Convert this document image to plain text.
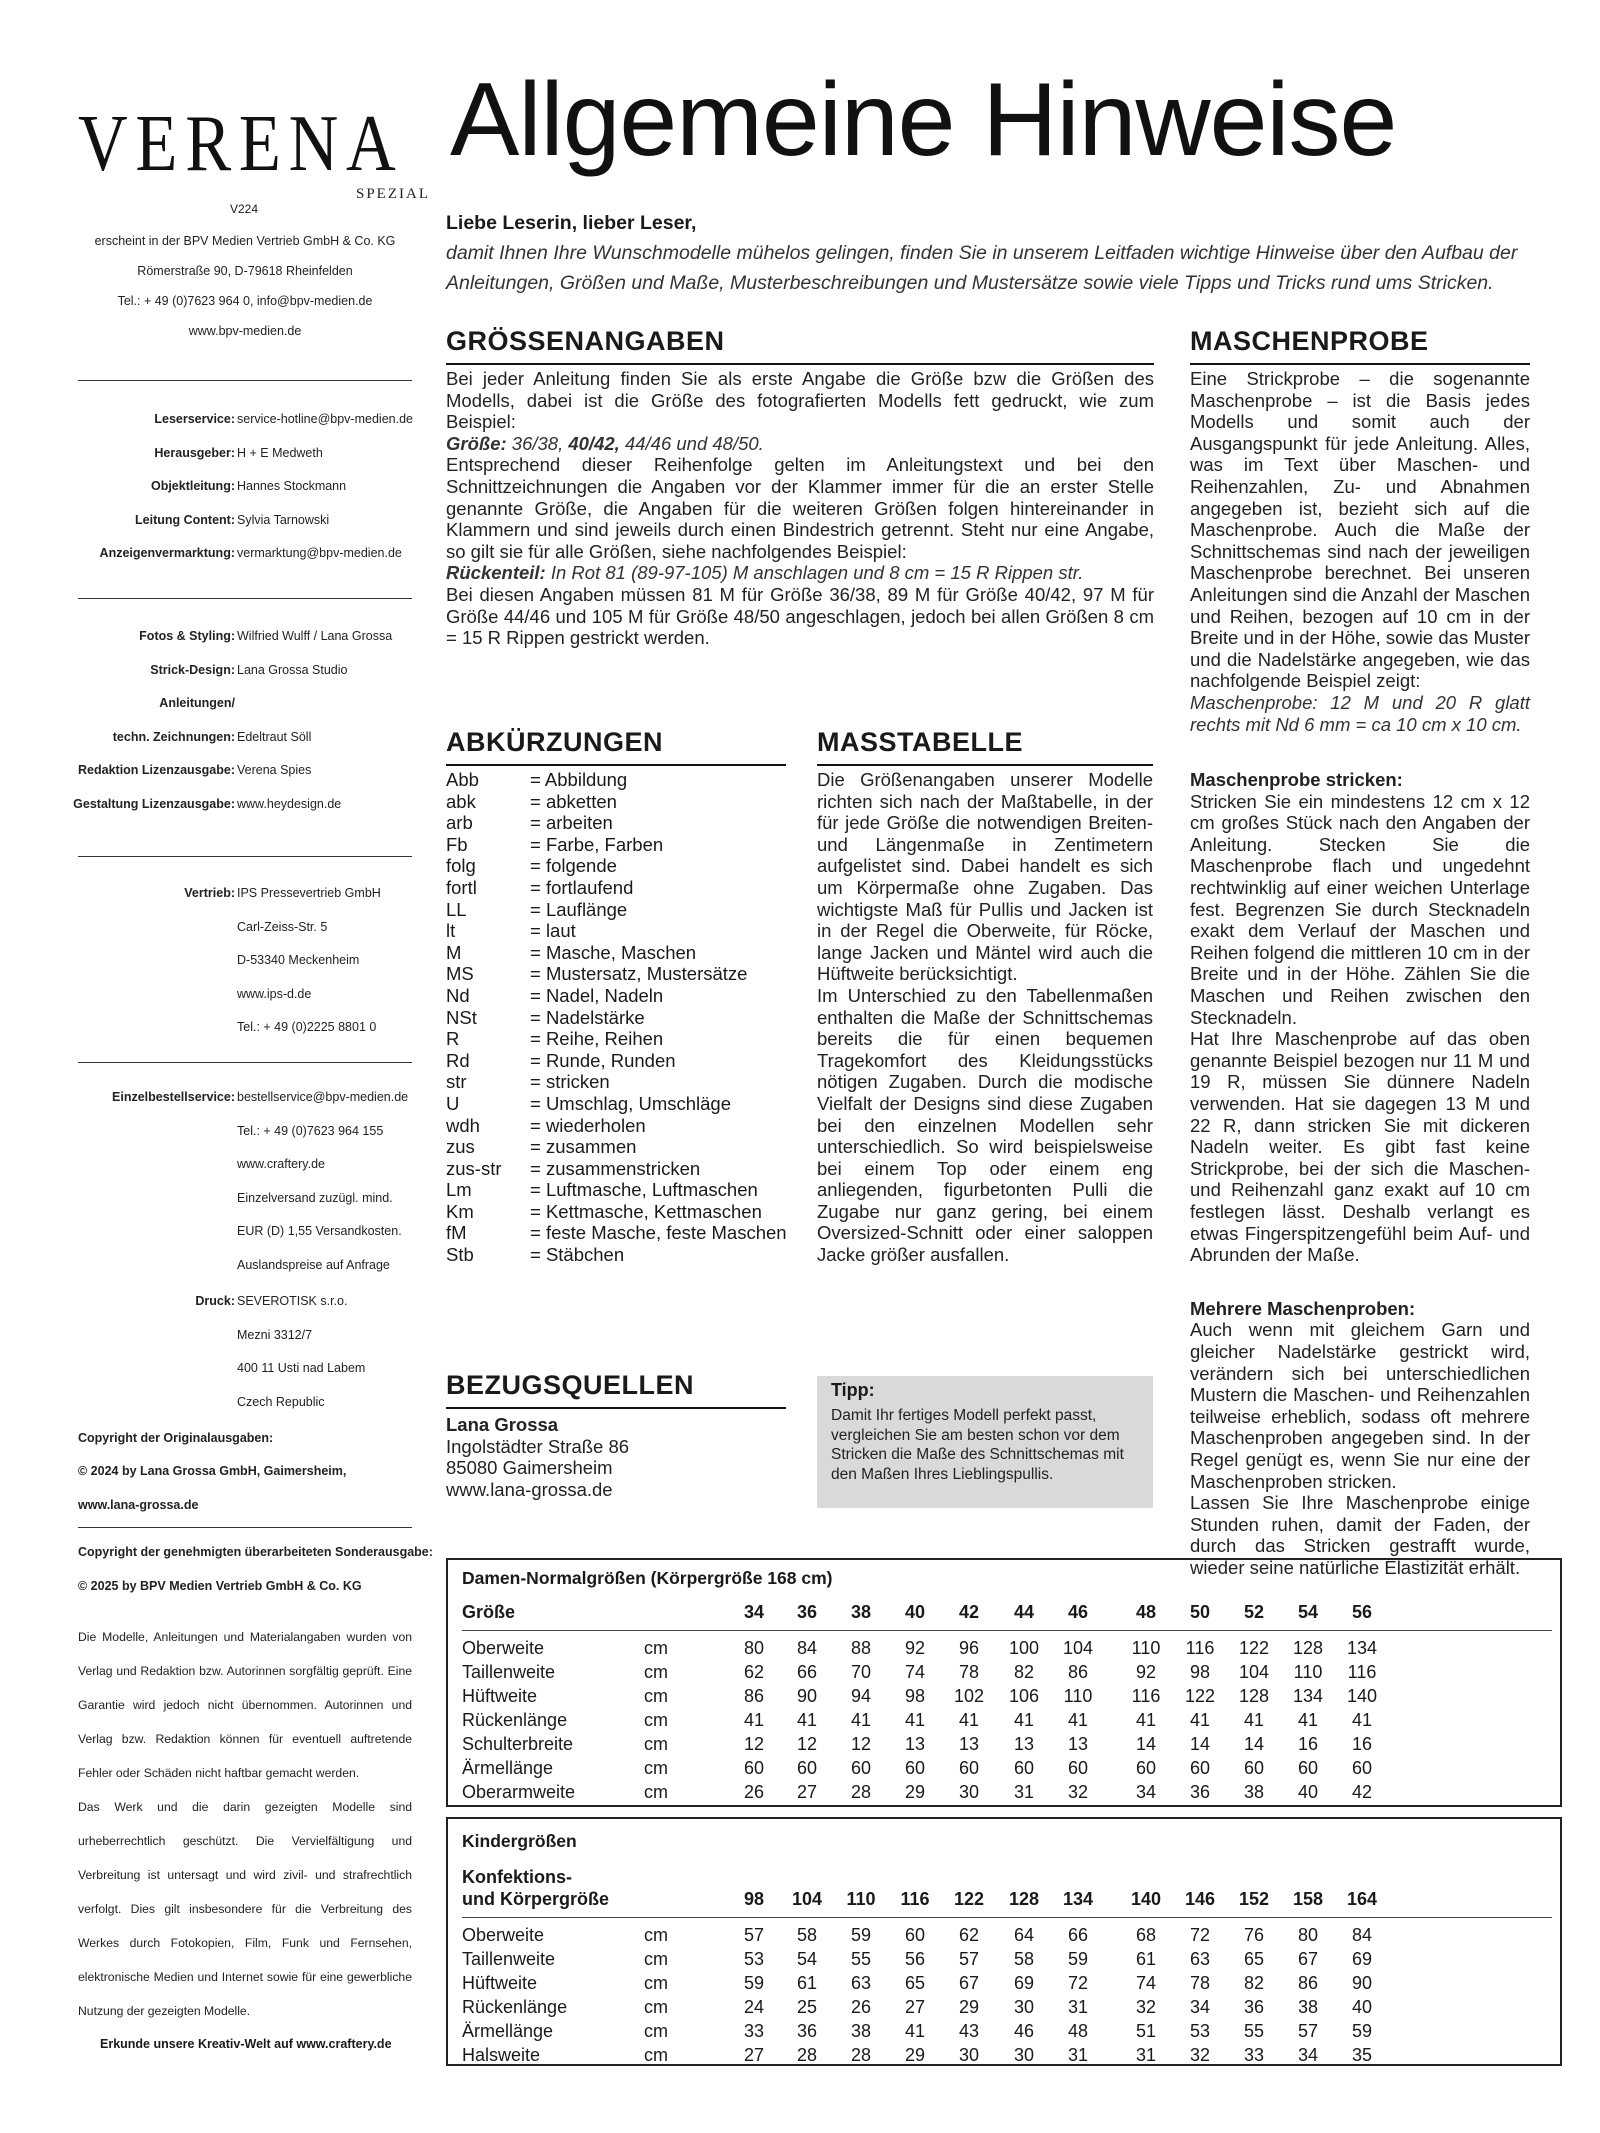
VERENA
SPEZIAL
V224
erscheint in der BPV Medien Vertrieb GmbH & Co. KG
Römerstraße 90, D-79618 Rheinfelden
Tel.: + 49 (0)7623 964 0, info@bpv-medien.de
www.bpv-medien.de
Leserservice: service-hotline@bpv-medien.de
Herausgeber: H + E Medweth
Objektleitung: Hannes Stockmann
Leitung Content: Sylvia Tarnowski
Anzeigenvermarktung: vermarktung@bpv-medien.de
Fotos & Styling: Wilfried Wulff / Lana Grossa
Strick-Design: Lana Grossa Studio
Anleitungen/
techn. Zeichnungen: Edeltraut Söll
Redaktion Lizenzausgabe: Verena Spies
Gestaltung Lizenzausgabe: www.heydesign.de
Vertrieb: IPS Pressevertrieb GmbH
Carl-Zeiss-Str. 5
D-53340 Meckenheim
www.ips-d.de
Tel.: + 49 (0)2225 8801 0
Einzelbestellservice: bestellservice@bpv-medien.de
Tel.: + 49 (0)7623 964 155
www.craftery.de
Einzelversand zuzügl. mind.
EUR (D) 1,55 Versandkosten.
Auslandspreise auf Anfrage
Druck: SEVEROTISK s.r.o.
Mezni 3312/7
400 11 Usti nad Labem
Czech Republic
Copyright der Originalausgaben:
© 2024 by Lana Grossa GmbH, Gaimersheim,
www.lana-grossa.de
Copyright der genehmigten überarbeiteten Sonderausgabe:
© 2025 by BPV Medien Vertrieb GmbH & Co. KG
Die Modelle, Anleitungen und Materialangaben wurden von Verlag und Redaktion bzw. Autorinnen sorgfältig geprüft. Eine Garantie wird jedoch nicht übernommen. Autorinnen und Verlag bzw. Redaktion können für eventuell auftretende Fehler oder Schäden nicht haftbar gemacht werden.
Das Werk und die darin gezeigten Modelle sind urheberrechtlich geschützt. Die Vervielfältigung und Verbreitung ist untersagt und wird zivil- und strafrechtlich verfolgt. Dies gilt insbesondere für die Verbreitung des Werkes durch Fotokopien, Film, Funk und Fernsehen, elektronische Medien und Internet sowie für eine gewerbliche Nutzung der gezeigten Modelle.
Erkunde unsere Kreativ-Welt auf www.craftery.de
Allgemeine Hinweise
Liebe Leserin, lieber Leser,
damit Ihnen Ihre Wunschmodelle mühelos gelingen, finden Sie in unserem Leitfaden wichtige Hinweise über den Aufbau der Anleitungen, Größen und Maße, Musterbeschreibungen und Mustersätze sowie viele Tipps und Tricks rund ums Stricken.
GRÖSSENANGABEN

Bei jeder Anleitung finden Sie als erste Angabe die Größe bzw die Größen des Modells, dabei ist die Größe des fotografierten Modells fett gedruckt, wie zum Beispiel:

Größe: 36/38, 40/42, 44/46 und 48/50.

Entsprechend dieser Reihenfolge gelten im Anleitungstext und bei den Schnittzeichnungen die Angaben vor der Klammer immer für die an erster Stelle genannte Größe, die Angaben für die weiteren Größen folgen hintereinander in Klammern und sind jeweils durch einen Bindestrich getrennt. Steht nur eine Angabe, so gilt sie für alle Größen, siehe nachfolgendes Beispiel:

Rückenteil: In Rot 81 (89-97-105) M anschlagen und 8 cm = 15 R Rippen str.

Bei diesen Angaben müssen 81 M für Größe 36/38, 89 M für Größe 40/42, 97 M für Größe 44/46 und 105 M für Größe 48/50 angeschlagen, jedoch bei allen Größen 8 cm = 15 R Rippen gestrickt werden.

MASCHENPROBE

Eine Strickprobe – die sogenannte Maschenprobe – ist die Basis jedes Modells und somit auch der Ausgangspunkt für jede Anleitung. Alles, was im Text über Maschen- und Reihenzahlen, Zu- und Abnahmen angegeben ist, bezieht sich auf die Maschenprobe. Auch die Maße der Schnittschemas sind nach der jeweiligen Maschenprobe berechnet. Bei unseren Anleitungen sind die Anzahl der Maschen und Reihen, bezogen auf 10 cm in der Breite und in der Höhe, sowie das Muster und die Nadelstärke angegeben, wie das nachfolgende Beispiel zeigt:

Maschenprobe: 12 M und 20 R glatt rechts mit Nd 6 mm = ca 10 cm x 10 cm.

Maschenprobe stricken:

Stricken Sie ein mindestens 12 cm x 12 cm großes Stück nach den Angaben der Anleitung. Stecken Sie die Maschenprobe flach und ungedehnt rechtwinklig auf einer weichen Unterlage fest. Begrenzen Sie durch Stecknadeln exakt dem Verlauf der Maschen und Reihen folgend die mittleren 10 cm in der Breite und in der Höhe. Zählen Sie die Maschen und Reihen zwischen den Stecknadeln.

Hat Ihre Maschenprobe auf das oben genannte Beispiel bezogen nur 11 M und 19 R, müssen Sie dünnere Nadeln verwenden. Hat sie dagegen 13 M und 22 R, dann stricken Sie mit dickeren Nadeln weiter. Es gibt fast keine Strickprobe, bei der sich die Maschen- und Reihenzahl ganz exakt auf 10 cm festlegen lässt. Deshalb verlangt es etwas Fingerspitzengefühl beim Auf- und Abrunden der Maße.

Mehrere Maschenproben:

Auch wenn mit gleichem Garn und gleicher Nadelstärke gestrickt wird, verändern sich bei unterschiedlichen Mustern die Maschen- und Reihenzahlen teilweise erheblich, sodass oft mehrere Maschenproben angegeben sind. In der Regel genügt es, wenn Sie nur eine der Maschenproben stricken.

Lassen Sie Ihre Maschenprobe einige Stunden ruhen, damit der Faden, der durch das Stricken gestrafft wurde, wieder seine natürliche Elastizität erhält.

ABKÜRZUNGEN
Abb	= Abbildung
abk	= abketten
arb	= arbeiten
Fb	= Farbe, Farben
folg	= folgende
fortl	= fortlaufend
LL	= Lauflänge
lt	= laut
M	= Masche, Maschen
MS	= Mustersatz, Mustersätze
Nd	= Nadel, Nadeln
NSt	= Nadelstärke
R	= Reihe, Reihen
Rd	= Runde, Runden
str	= stricken
U	= Umschlag, Umschläge
wdh	= wiederholen
zus	= zusammen
zus-str	= zusammenstricken
Lm	= Luftmasche, Luftmaschen
Km	= Kettmasche, Kettmaschen
fM	= feste Masche, feste Maschen
Stb	= Stäbchen
MASSTABELLE

Die Größenangaben unserer Modelle richten sich nach der Maßtabelle, in der für jede Größe die notwendigen Breiten- und Längenmaße in Zentimetern aufgelistet sind. Dabei handelt es sich um Körpermaße ohne Zugaben. Das wichtigste Maß für Pullis und Jacken ist in der Regel die Oberweite, für Röcke, lange Jacken und Mäntel wird auch die Hüftweite berücksichtigt.

Im Unterschied zu den Tabellenmaßen enthalten die Maße der Schnittschemas bereits die für einen bequemen Tragekomfort des Kleidungsstücks nötigen Zugaben. Durch die modische Vielfalt der Designs sind diese Zugaben bei den einzelnen Modellen sehr unterschiedlich. So wird beispielsweise bei einem Top oder einem eng anliegenden, figurbetonten Pulli die Zugabe nur ganz gering, bei einem Oversized-Schnitt oder einer saloppen Jacke größer ausfallen.

BEZUGSQUELLEN

Lana Grossa

Ingolstädter Straße 86

85080 Gaimersheim

www.lana-grossa.de

Tipp:
Damit Ihr fertiges Modell perfekt passt, vergleichen Sie am besten schon vor dem Stricken die Maße des Schnittschemas mit den Maßen Ihres Lieblingspullis.
Damen-Normalgrößen (Körpergröße 168 cm)
Größe	34	36	38	40	42	44	46	48	50	52	54	56
Oberweite	cm	80	84	88	92	96	100	104	110	116	122	128	134
Taillenweite	cm	62	66	70	74	78	82	86	92	98	104	110	116
Hüftweite	cm	86	90	94	98	102	106	110	116	122	128	134	140
Rückenlänge	cm	41	41	41	41	41	41	41	41	41	41	41	41
Schulterbreite	cm	12	12	12	13	13	13	13	14	14	14	16	16
Ärmellänge	cm	60	60	60	60	60	60	60	60	60	60	60	60
Oberarmweite	cm	26	27	28	29	30	31	32	34	36	38	40	42
Kindergrößen
Konfektions-
und Körpergröße	98	104	110	116	122	128	134	140	146	152	158	164
Oberweite	cm	57	58	59	60	62	64	66	68	72	76	80	84
Taillenweite	cm	53	54	55	56	57	58	59	61	63	65	67	69
Hüftweite	cm	59	61	63	65	67	69	72	74	78	82	86	90
Rückenlänge	cm	24	25	26	27	29	30	31	32	34	36	38	40
Ärmellänge	cm	33	36	38	41	43	46	48	51	53	55	57	59
Halsweite	cm	27	28	28	29	30	30	31	31	32	33	34	35
